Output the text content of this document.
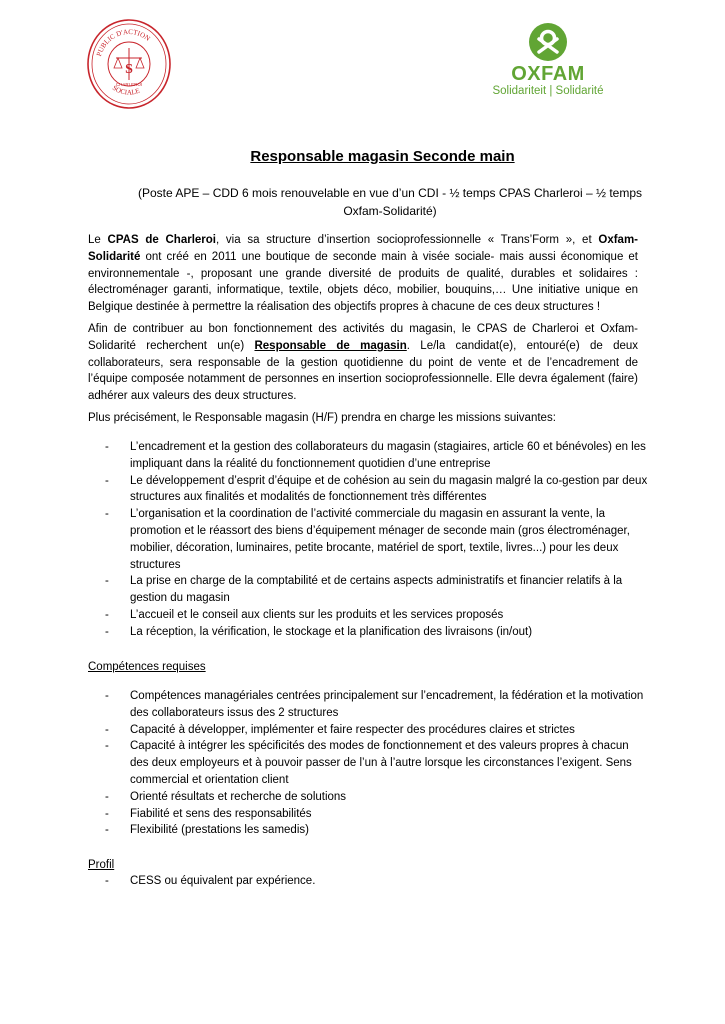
PUBLIC D'ACTION
SOCIALE
S
CHARLEROI	OXFAM
Solidariteit | Solidarité
Responsable magasin Seconde main
(Poste APE – CDD 6 mois renouvelable en vue d’un CDI - ½ temps CPAS Charleroi – ½ temps Oxfam-Solidarité)
Le CPAS de Charleroi, via sa structure d’insertion socioprofessionnelle « Trans’Form », et Oxfam-Solidarité ont créé en 2011 une boutique de seconde main à visée sociale- mais aussi économique et environnementale -, proposant une grande diversité de produits de qualité, durables et solidaires : électroménager garanti, informatique, textile, objets déco, mobilier, bouquins,… Une initiative unique en Belgique destinée à permettre la réalisation des objectifs propres à chacune de ces deux structures !
Afin de contribuer au bon fonctionnement des activités du magasin, le CPAS de Charleroi et Oxfam-Solidarité recherchent un(e) Responsable de magasin. Le/la candidat(e), entouré(e) de deux collaborateurs, sera responsable de la gestion quotidienne du point de vente et de l’encadrement de l’équipe composée notamment de personnes en insertion socioprofessionnelle. Elle devra également (faire) adhérer aux valeurs des deux structures.
Plus précisément, le Responsable magasin (H/F) prendra en charge les missions suivantes:
- L’encadrement et la gestion des collaborateurs du magasin (stagiaires, article 60 et bénévoles) en les impliquant dans la réalité du fonctionnement quotidien d’une entreprise
- Le développement d’esprit d’équipe et de cohésion au sein du magasin malgré la co-gestion par deux structures aux finalités et modalités de fonctionnement très différentes
- L’organisation et la coordination de l’activité commerciale du magasin en assurant la vente, la promotion et le réassort des biens d’équipement ménager de seconde main (gros électroménager, mobilier, décoration, luminaires, petite brocante, matériel de sport, textile, livres...) pour les deux structures
- La prise en charge de la comptabilité et de certains aspects administratifs et financier relatifs à la gestion du magasin
- L’accueil et le conseil aux clients sur les produits et les services proposés
- La réception, la vérification, le stockage et la planification des livraisons (in/out)
Compétences requises
- Compétences managériales centrées principalement sur l’encadrement, la fédération et la motivation des collaborateurs issus des 2 structures
- Capacité à développer, implémenter et faire respecter des procédures claires et strictes
- Capacité à intégrer les spécificités des modes de fonctionnement et des valeurs propres à chacun des deux employeurs et à pouvoir passer de l’un à l’autre lorsque les circonstances l’exigent. Sens commercial et orientation client
- Orienté résultats et recherche de solutions
- Fiabilité et sens des responsabilités
- Flexibilité (prestations les samedis)
Profil
- CESS ou équivalent par expérience.
